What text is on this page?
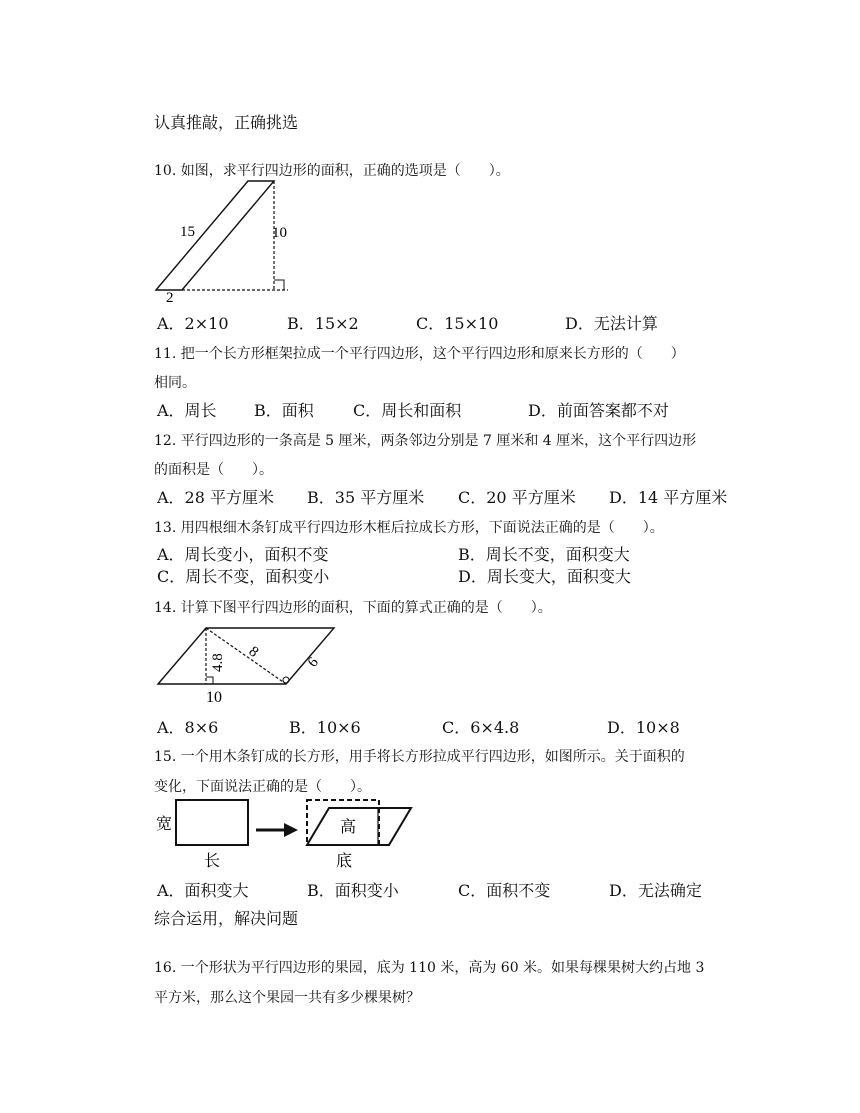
认真推敲，正确挑选
10. 如图，求平行四边形的面积，正确的选项是（　　）。
15	10
2
A．2×10	B．15×2	C．15×10	D．无法计算
11. 把一个长方形框架拉成一个平行四边形，这个平行四边形和原来长方形的（　　）
相同。
A．周长 B．面积 C．周长和面积	D．前面答案都不对
12. 平行四边形的一条高是 5 厘米，两条邻边分别是 7 厘米和 4 厘米，这个平行四边形
的面积是（　　）。
A．28 平方厘米 B．35 平方厘米 C．20 平方厘米 D．14 平方厘米
13. 用四根细木条钉成平行四边形木框后拉成长方形，下面说法正确的是（　　）。
A．周长变小，面积不变	B．周长不变，面积变大
C．周长不变，面积变小	D．周长变大，面积变大
14. 计算下图平行四边形的面积，下面的算式正确的是（　　）。
4.8
8
6
10
A．8×6	B．10×6	C．6×4.8	D．10×8
15. 一个用木条钉成的长方形，用手将长方形拉成平行四边形，如图所示。关于面积的
变化，下面说法正确的是（　　）。
宽
长
高
底
A．面积变大	B．面积变小	C．面积不变	D．无法确定
综合运用，解决问题
16. 一个形状为平行四边形的果园，底为 110 米，高为 60 米。如果每棵果树大约占地 3
平方米，那么这个果园一共有多少棵果树？
